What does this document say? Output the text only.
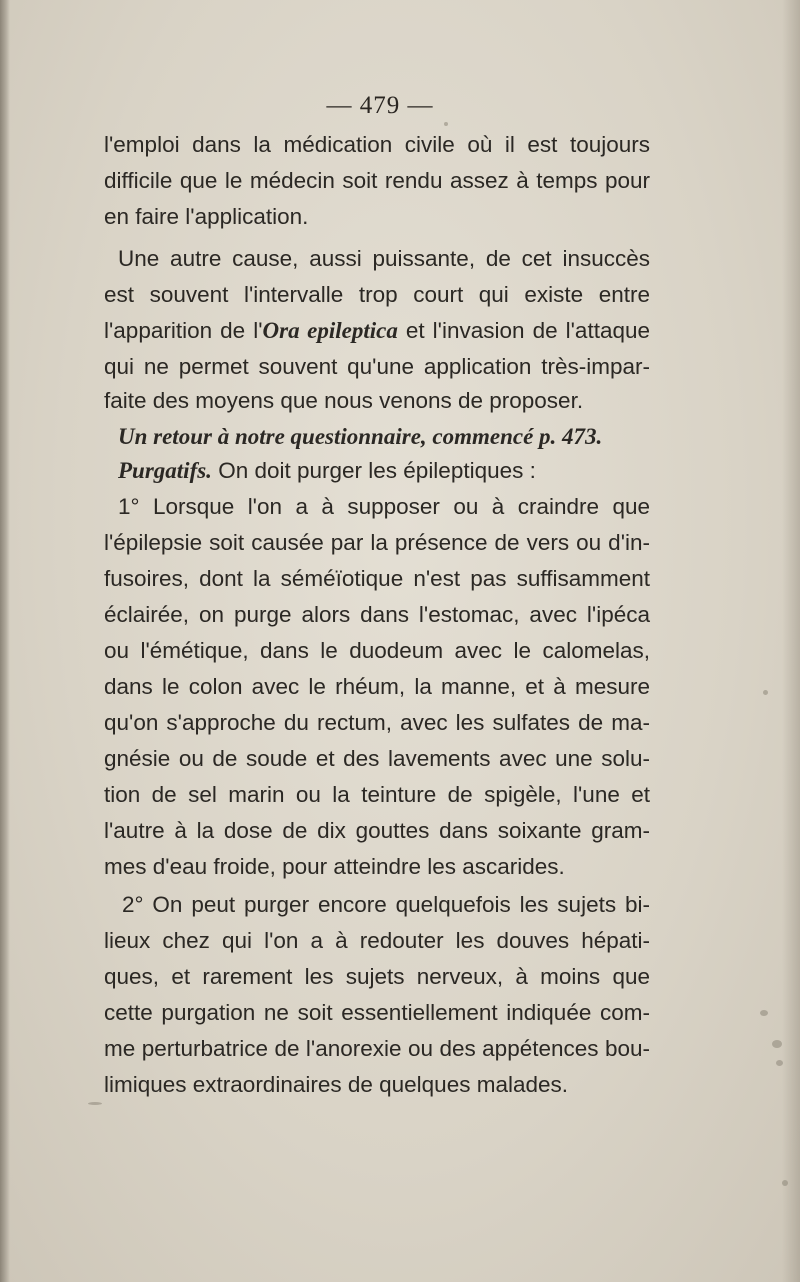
— 479 —
l'emploi dans la médication civile où il est toujours
difficile que le médecin soit rendu assez à temps pour
en faire l'application.
Une autre cause, aussi puissante, de cet insuccès
est souvent l'intervalle trop court qui existe entre
l'apparition de l'Ora epileptica et l'invasion de l'attaque
qui ne permet souvent qu'une application très-impar-
faite des moyens que nous venons de proposer.
Un retour à notre questionnaire, commencé p. 473.
Purgatifs. On doit purger les épileptiques :
1° Lorsque l'on a à supposer ou à craindre que
l'épilepsie soit causée par la présence de vers ou d'in-
fusoires, dont la séméïotique n'est pas suffisamment
éclairée, on purge alors dans l'estomac, avec l'ipéca
ou l'émétique, dans le duodeum avec le calomelas,
dans le colon avec le rhéum, la manne, et à mesure
qu'on s'approche du rectum, avec les sulfates de ma-
gnésie ou de soude et des lavements avec une solu-
tion de sel marin ou la teinture de spigèle, l'une et
l'autre à la dose de dix gouttes dans soixante gram-
mes d'eau froide, pour atteindre les ascarides.
2° On peut purger encore quelquefois les sujets bi-
lieux chez qui l'on a à redouter les douves hépati-
ques, et rarement les sujets nerveux, à moins que
cette purgation ne soit essentiellement indiquée com-
me perturbatrice de l'anorexie ou des appétences bou-
limiques extraordinaires de quelques malades.
